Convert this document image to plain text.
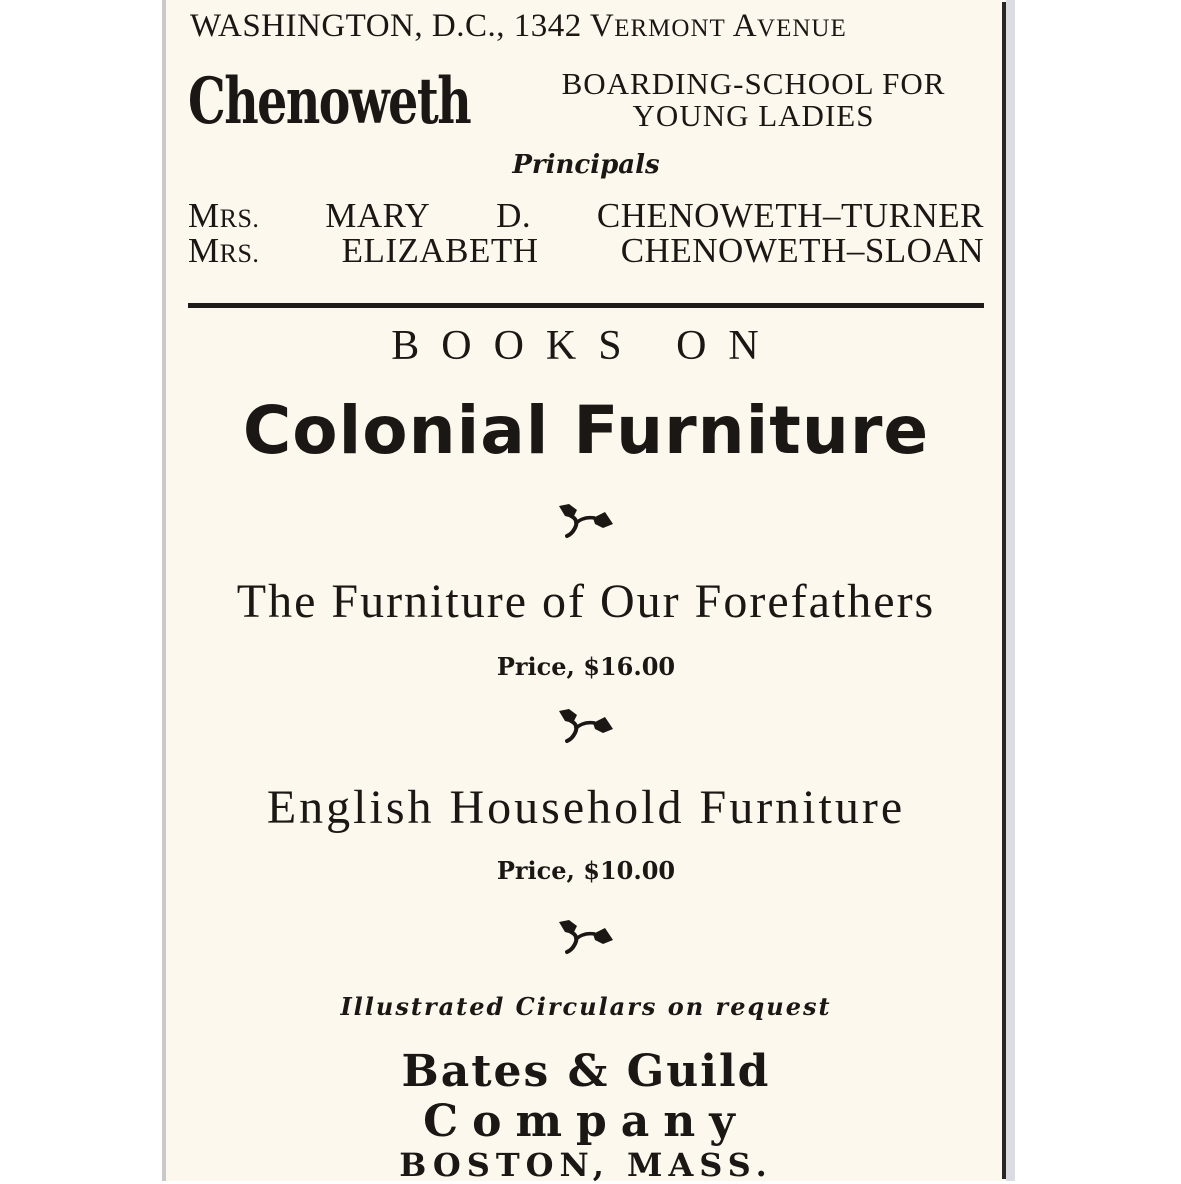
WASHINGTON, D.C., 1342 VERMONT AVENUE
Chenoweth	BOARDING-SCHOOL FOR
YOUNG LADIES
Principals
MRS. MARY D. CHENOWETH–TURNER
MRS. ELIZABETH CHENOWETH–SLOAN
BOOKS ON
Colonial Furniture
The Furniture of Our Forefathers
Price, $16.00
English Household Furniture
Price, $10.00
Illustrated Circulars on request
Bates & Guild
Company
BOSTON, MASS.
